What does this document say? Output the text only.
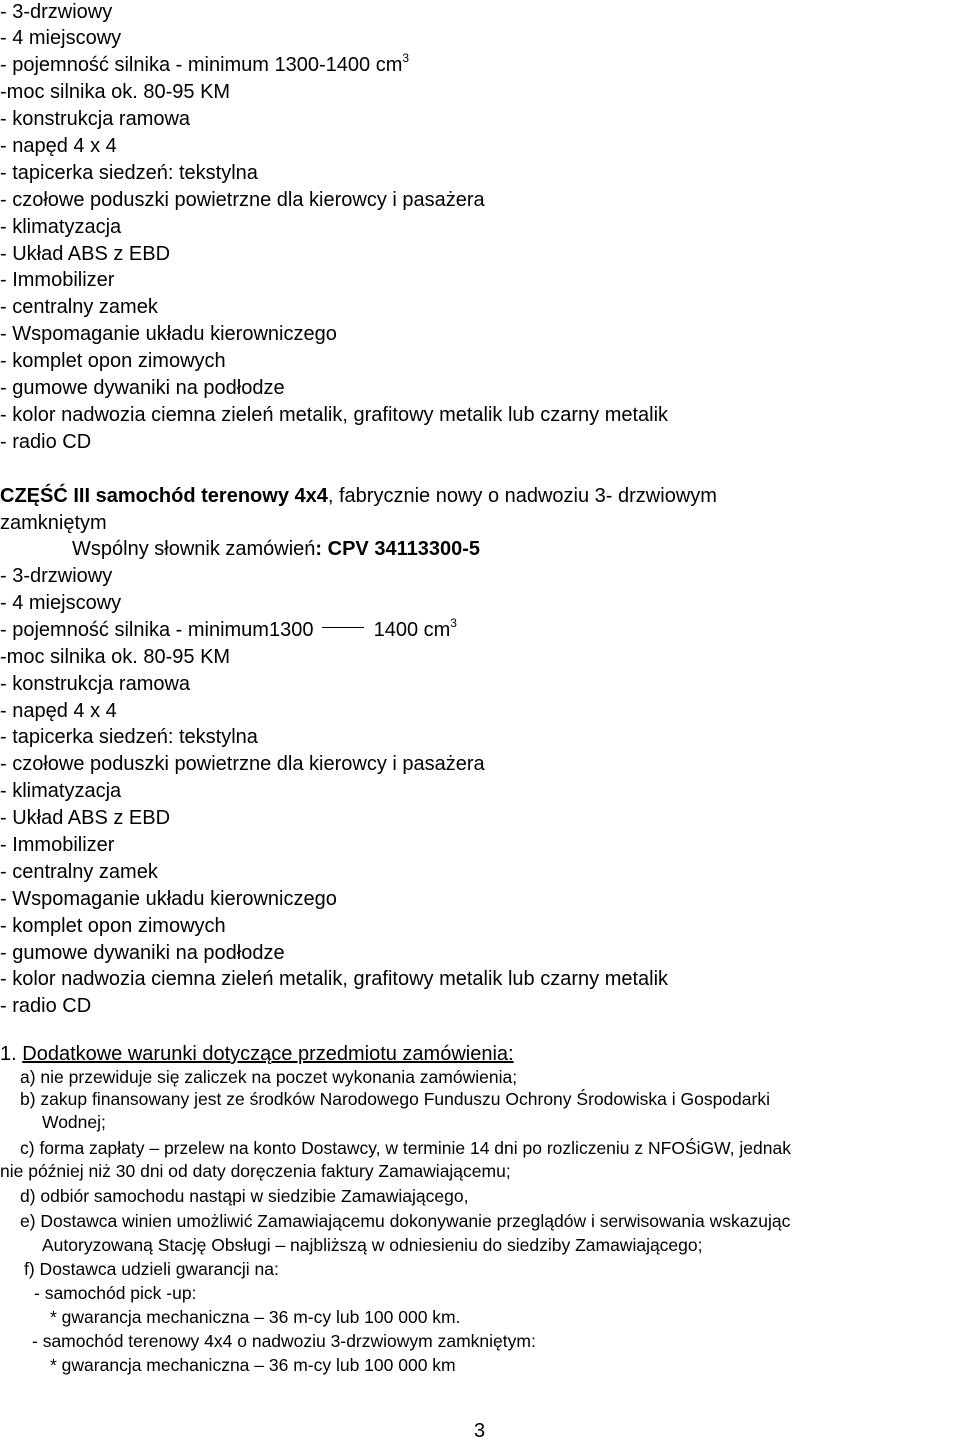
- 3-drzwiowy
- 4 miejscowy
- pojemność silnika - minimum 1300-1400 $cm^3$
-moc silnika ok. 80-95 KM
- konstrukcja ramowa
- napęd 4 x 4
- tapicerka siedzeń: tekstylna
- czołowe poduszki powietrzne dla kierowcy i pasażera
- klimatyzacja
- Układ ABS z EBD
- Immobilizer
- centralny zamek
- Wspomaganie układu kierowniczego
- komplet opon zimowych
- gumowe dywaniki na podłodze
- kolor nadwozia ciemna zieleń metalik, grafitowy metalik lub czarny metalik
- radio CD
CZĘŚĆ III samochód terenowy 4x4, fabrycznie nowy o nadwoziu 3- drzwiowym
zamkniętym
Wspólny słownik zamówień: CPV 34113300-5
- 3-drzwiowy
- 4 miejscowy
- pojemność silnika - minimum1300  1400 $cm^3$
-moc silnika ok. 80-95 KM
- konstrukcja ramowa
- napęd 4 x 4
- tapicerka siedzeń: tekstylna
- czołowe poduszki powietrzne dla kierowcy i pasażera
- klimatyzacja
- Układ ABS z EBD
- Immobilizer
- centralny zamek
- Wspomaganie układu kierowniczego
- komplet opon zimowych
- gumowe dywaniki na podłodze
- kolor nadwozia ciemna zieleń metalik, grafitowy metalik lub czarny metalik
- radio CD
1. Dodatkowe warunki dotyczące przedmiotu zamówienia:
a) nie przewiduje się zaliczek na poczet wykonania zamówienia;
b) zakup finansowany jest ze środków Narodowego Funduszu Ochrony Środowiska i Gospodarki
Wodnej;
c) forma zapłaty – przelew na konto Dostawcy, w terminie 14 dni po rozliczeniu z NFOŚiGW, jednak
nie później niż 30 dni od daty doręczenia faktury Zamawiającemu;
d) odbiór samochodu nastąpi w siedzibie Zamawiającego,
e) Dostawca winien umożliwić Zamawiającemu dokonywanie przeglądów i serwisowania wskazując
Autoryzowaną Stację Obsługi – najbliższą w odniesieniu do siedziby Zamawiającego;
f) Dostawca udzieli gwarancji na:
- samochód pick -up:
* gwarancja mechaniczna – 36 m-cy lub 100 000 km.
- samochód terenowy 4x4 o nadwoziu 3-drzwiowym zamkniętym:
* gwarancja mechaniczna – 36 m-cy lub 100 000 km
3
